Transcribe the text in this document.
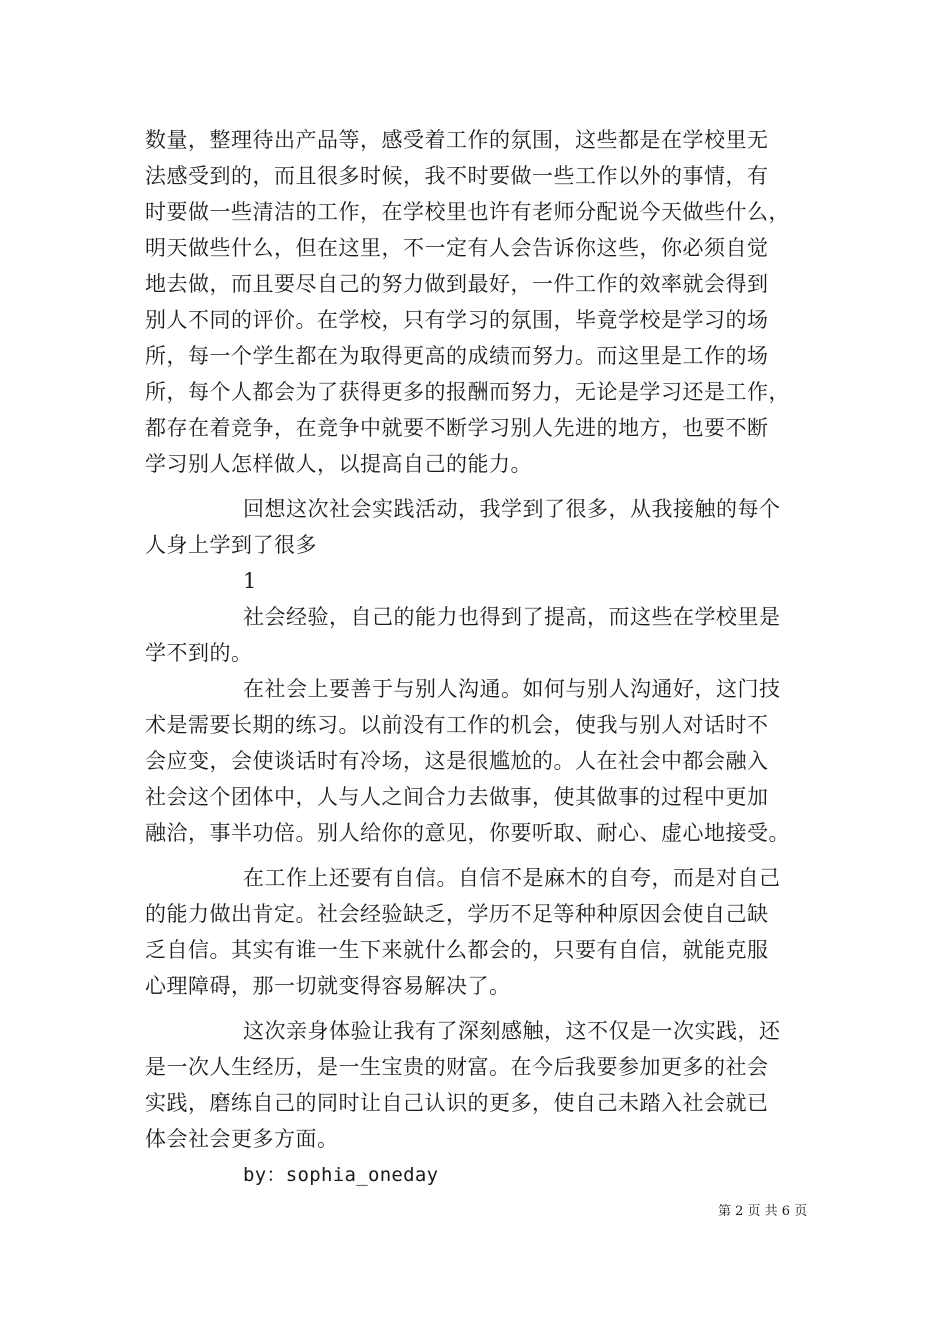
数量，整理待出产品等，感受着工作的氛围，这些都是在学校里无
法感受到的，而且很多时候，我不时要做一些工作以外的事情，有
时要做一些清洁的工作，在学校里也许有老师分配说今天做些什么，
明天做些什么，但在这里，不一定有人会告诉你这些，你必须自觉
地去做，而且要尽自己的努力做到最好，一件工作的效率就会得到
别人不同的评价。在学校，只有学习的氛围，毕竟学校是学习的场
所，每一个学生都在为取得更高的成绩而努力。而这里是工作的场
所，每个人都会为了获得更多的报酬而努力，无论是学习还是工作，
都存在着竞争，在竞争中就要不断学习别人先进的地方，也要不断
学习别人怎样做人，以提高自己的能力。
回想这次社会实践活动，我学到了很多，从我接触的每个
人身上学到了很多
1
社会经验，自己的能力也得到了提高，而这些在学校里是
学不到的。
在社会上要善于与别人沟通。如何与别人沟通好，这门技
术是需要长期的练习。以前没有工作的机会，使我与别人对话时不
会应变，会使谈话时有冷场，这是很尴尬的。人在社会中都会融入
社会这个团体中，人与人之间合力去做事，使其做事的过程中更加
融洽，事半功倍。别人给你的意见，你要听取、耐心、虚心地接受。
在工作上还要有自信。自信不是麻木的自夸，而是对自己
的能力做出肯定。社会经验缺乏，学历不足等种种原因会使自己缺
乏自信。其实有谁一生下来就什么都会的，只要有自信，就能克服
心理障碍，那一切就变得容易解决了。
这次亲身体验让我有了深刻感触，这不仅是一次实践，还
是一次人生经历，是一生宝贵的财富。在今后我要参加更多的社会
实践，磨练自己的同时让自己认识的更多，使自己未踏入社会就已
体会社会更多方面。
by：sophia_oneday
第 2 页 共 6 页
